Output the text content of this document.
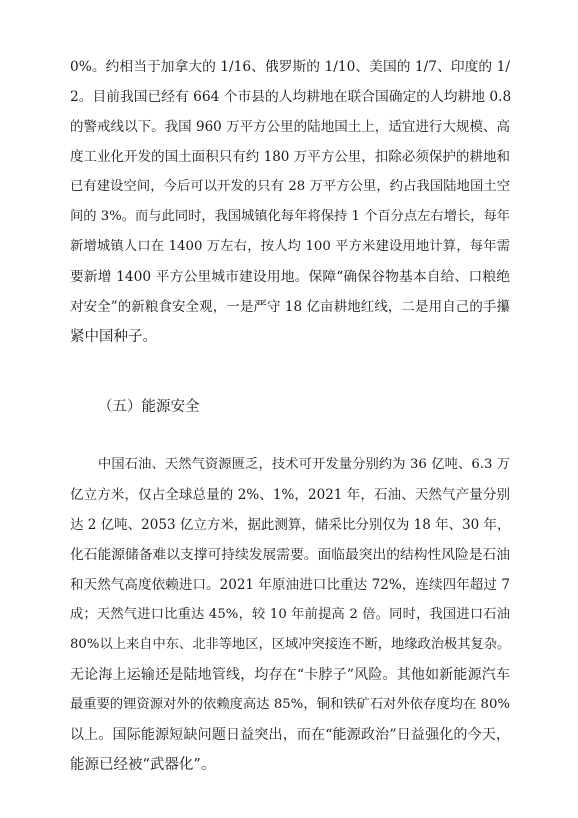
0%。约相当于加拿大的 1/16、俄罗斯的 1/10、美国的 1/7、印度的 1/
2。目前我国已经有 664 个市县的人均耕地在联合国确定的人均耕地 0.8
的警戒线以下。我国 960 万平方公里的陆地国土上，适宜进行大规模、高
度工业化开发的国土面积只有约 180 万平方公里，扣除必须保护的耕地和
已有建设空间，今后可以开发的只有 28 万平方公里，约占我国陆地国土空
间的 3%。而与此同时，我国城镇化每年将保持 1 个百分点左右增长，每年
新增城镇人口在 1400 万左右，按人均 100 平方米建设用地计算，每年需
要新增 1400 平方公里城市建设用地。保障“确保谷物基本自给、口粮绝
对安全”的新粮食安全观，一是严守 18 亿亩耕地红线，二是用自己的手攥
紧中国种子。
（五）能源安全
中国石油、天然气资源匮乏，技术可开发量分别约为 36 亿吨、6.3 万
亿立方米，仅占全球总量的 2%、1%，2021 年，石油、天然气产量分别
达 2 亿吨、2053 亿立方米，据此测算，储采比分别仅为 18 年、30 年，
化石能源储备难以支撑可持续发展需要。面临最突出的结构性风险是石油
和天然气高度依赖进口。2021 年原油进口比重达 72%，连续四年超过 7
成；天然气进口比重达 45%，较 10 年前提高 2 倍。同时，我国进口石油
80%以上来自中东、北非等地区，区域冲突接连不断，地缘政治极其复杂。
无论海上运输还是陆地管线，均存在“卡脖子”风险。其他如新能源汽车
最重要的锂资源对外的依赖度高达 85%，铜和铁矿石对外依存度均在 80%
以上。国际能源短缺问题日益突出，而在“能源政治”日益强化的今天，
能源已经被“武器化”。
